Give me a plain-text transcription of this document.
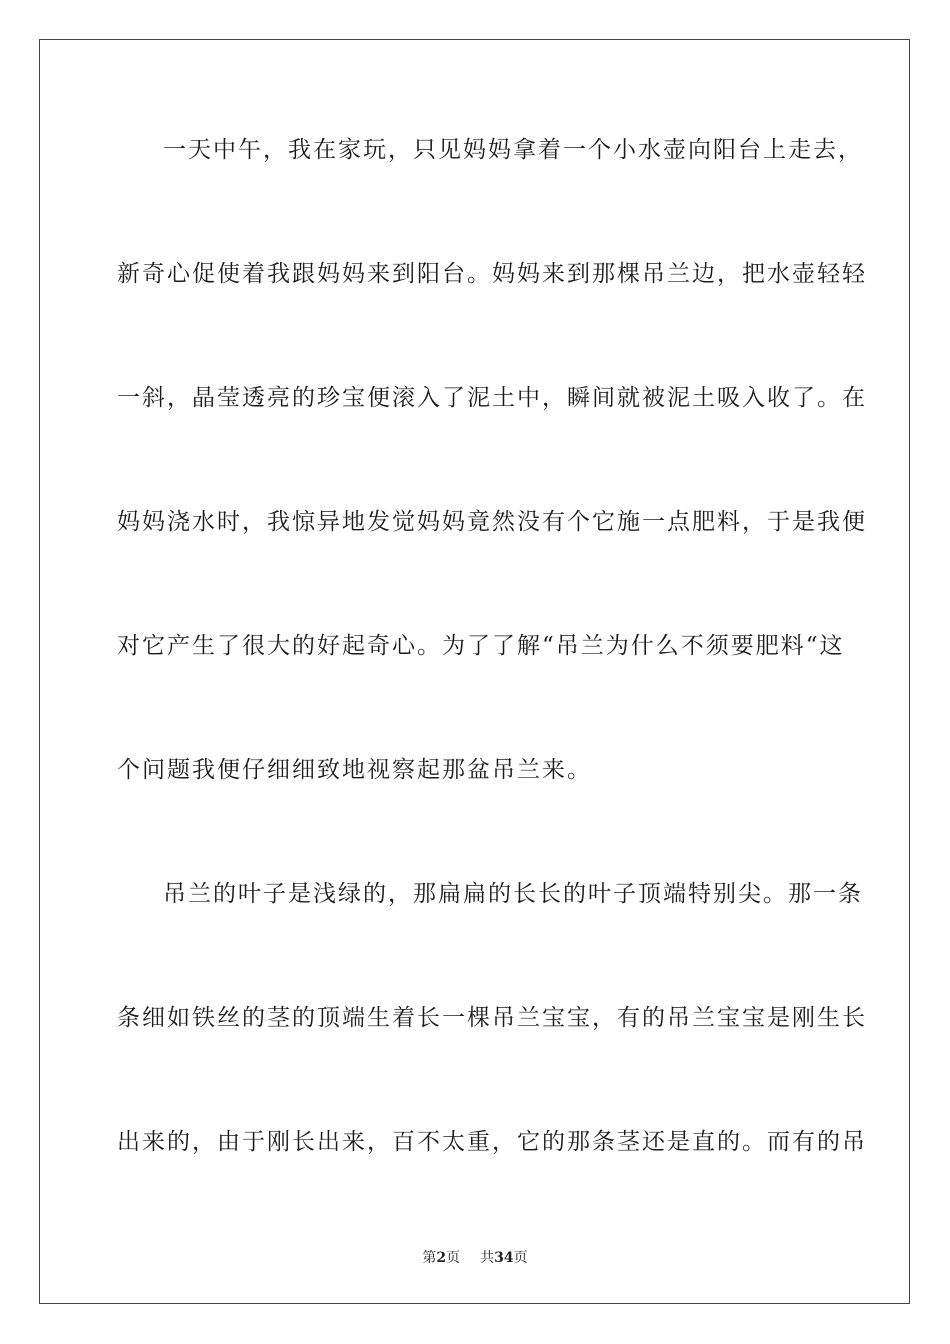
一天中午，我在家玩，只见妈妈拿着一个小水壶向阳台上走去，
新奇心促使着我跟妈妈来到阳台。妈妈来到那棵吊兰边，把水壶轻轻
一斜，晶莹透亮的珍宝便滚入了泥土中，瞬间就被泥土吸入收了。在
妈妈浇水时，我惊异地发觉妈妈竟然没有个它施一点肥料，于是我便
对它产生了很大的好起奇心。为了了解“吊兰为什么不须要肥料“这
个问题我便仔细细致地视察起那盆吊兰来。
吊兰的叶子是浅绿的，那扁扁的长长的叶子顶端特别尖。那一条
条细如铁丝的茎的顶端生着长一棵吊兰宝宝，有的吊兰宝宝是刚生长
出来的，由于刚长出来，百不太重，它的那条茎还是直的。而有的吊
第2页 共34页
